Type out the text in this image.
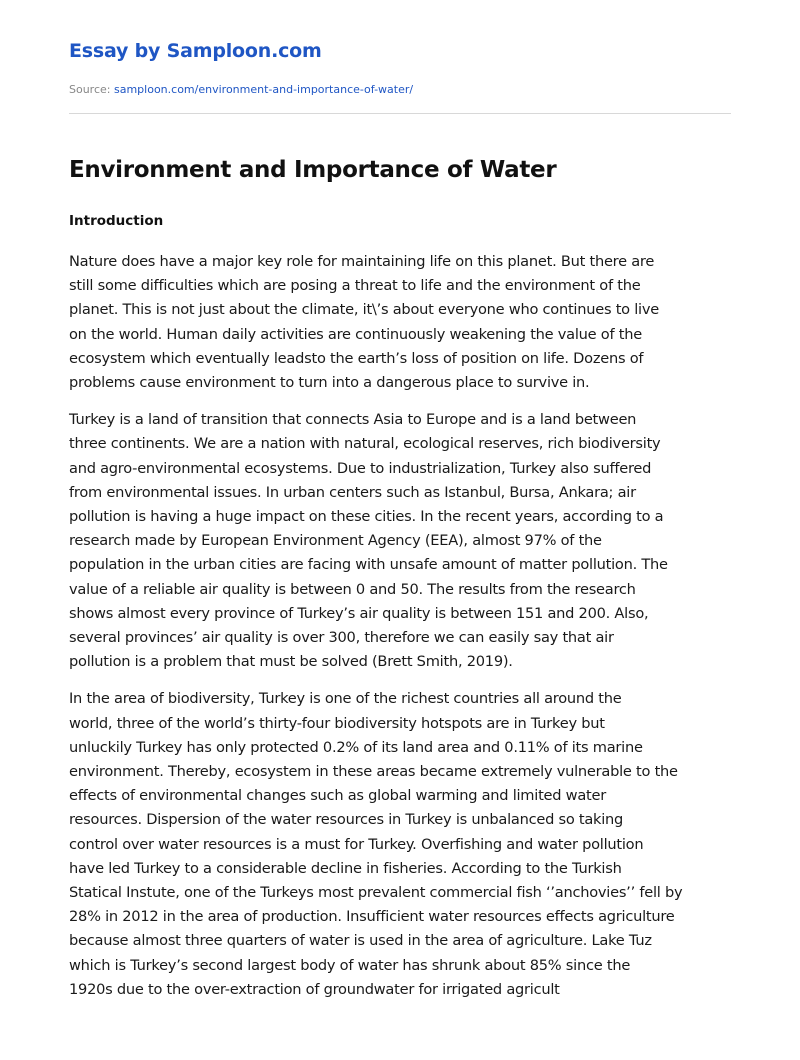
Essay by Samploon.com
Source: samploon.com/environment-and-importance-of-water/
Environment and Importance of Water
Introduction

Nature does have a major key role for maintaining life on this planet. But there are
still some difficulties which are posing a threat to life and the environment of the
planet. This is not just about the climate, it\’s about everyone who continues to live
on the world. Human daily activities are continuously weakening the value of the
ecosystem which eventually leadsto the earth’s loss of position on life. Dozens of
problems cause environment to turn into a dangerous place to survive in.

Turkey is a land of transition that connects Asia to Europe and is a land between
three continents. We are a nation with natural, ecological reserves, rich biodiversity
and agro-environmental ecosystems. Due to industrialization, Turkey also suffered
from environmental issues. In urban centers such as Istanbul, Bursa, Ankara; air
pollution is having a huge impact on these cities. In the recent years, according to a
research made by European Environment Agency (EEA), almost 97% of the
population in the urban cities are facing with unsafe amount of matter pollution. The
value of a reliable air quality is between 0 and 50. The results from the research
shows almost every province of Turkey’s air quality is between 151 and 200. Also,
several provinces’ air quality is over 300, therefore we can easily say that air
pollution is a problem that must be solved (Brett Smith, 2019).

In the area of biodiversity, Turkey is one of the richest countries all around the
world, three of the world’s thirty-four biodiversity hotspots are in Turkey but
unluckily Turkey has only protected 0.2% of its land area and 0.11% of its marine
environment. Thereby, ecosystem in these areas became extremely vulnerable to the
effects of environmental changes such as global warming and limited water
resources. Dispersion of the water resources in Turkey is unbalanced so taking
control over water resources is a must for Turkey. Overfishing and water pollution
have led Turkey to a considerable decline in fisheries. According to the Turkish
Statical Instute, one of the Turkeys most prevalent commercial fish ‘’anchovies’’ fell by
28% in 2012 in the area of production. Insufficient water resources effects agriculture
because almost three quarters of water is used in the area of agriculture. Lake Tuz
which is Turkey’s second largest body of water has shrunk about 85% since the
1920s due to the over-extraction of groundwater for irrigated agricult
